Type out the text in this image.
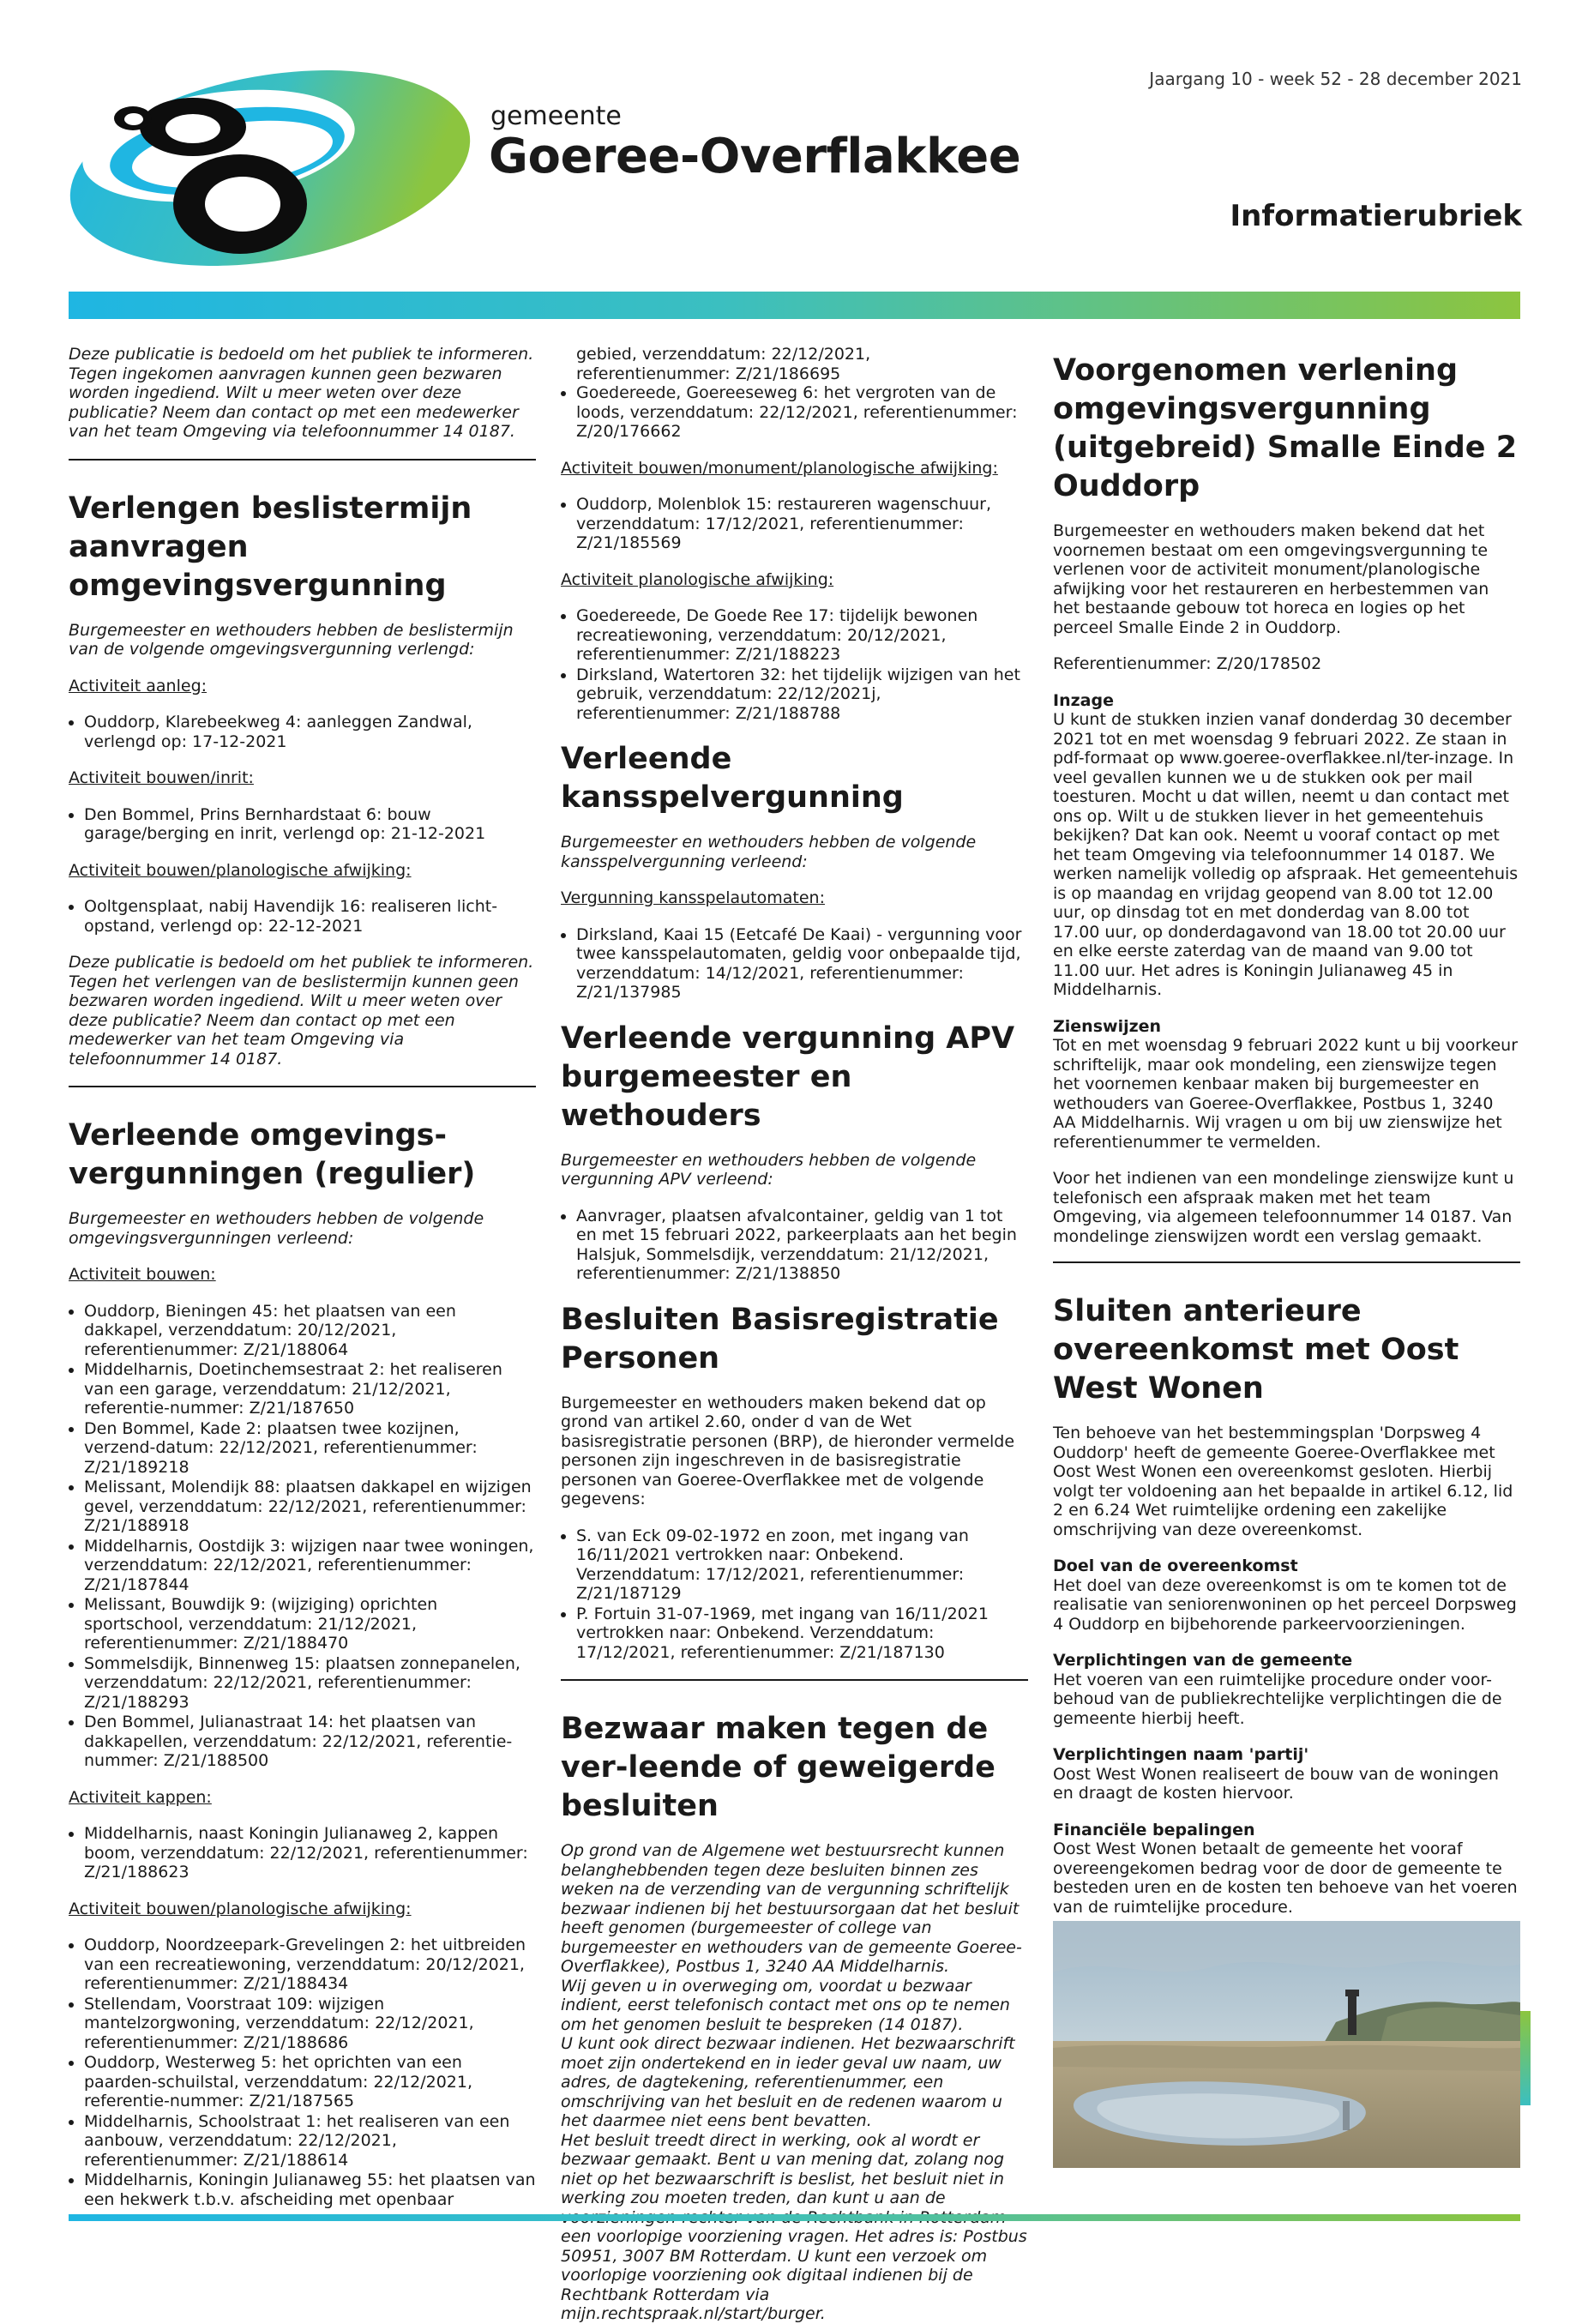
gemeente
Goeree-Overflakkee
Jaargang 10 - week 52 - 28 december 2021
Informatierubriek

Deze publicatie is bedoeld om het publiek te informeren. Tegen ingekomen aanvragen kunnen geen bezwaren worden ingediend. Wilt u meer weten over deze publicatie? Neem dan contact op met een medewerker van het team Omgeving via telefoonnummer 14 0187.

Verlengen beslistermijn aanvragen omgevingsvergunning

Burgemeester en wethouders hebben de beslistermijn van de volgende omgevingsvergunning verlengd:

Activiteit aanleg:
• Ouddorp, Klarebeekweg 4: aanleggen Zandwal, verlengd op: 17-12-2021
Activiteit bouwen/inrit:
• Den Bommel, Prins Bernhardstaat 6: bouw garage/berging en inrit, verlengd op: 21-12-2021
Activiteit bouwen/planologische afwijking:
• Ooltgensplaat, nabij Havendijk 16: realiseren licht-opstand, verlengd op: 22-12-2021

Deze publicatie is bedoeld om het publiek te informeren. Tegen het verlengen van de beslistermijn kunnen geen bezwaren worden ingediend. Wilt u meer weten over deze publicatie? Neem dan contact op met een medewerker van het team Omgeving via telefoonnummer 14 0187.

Verleende omgevings-vergunningen (regulier)

Burgemeester en wethouders hebben de volgende omgevingsvergunningen verleend:

Activiteit bouwen:
• Ouddorp, Bieningen 45: het plaatsen van een dakkapel, verzenddatum: 20/12/2021, referentienummer: Z/21/188064
• Middelharnis, Doetinchemsestraat 2: het realiseren van een garage, verzenddatum: 21/12/2021, referentie-nummer: Z/21/187650
• Den Bommel, Kade 2: plaatsen twee kozijnen, verzend-datum: 22/12/2021, referentienummer: Z/21/189218
• Melissant, Molendijk 88: plaatsen dakkapel en wijzigen gevel, verzenddatum: 22/12/2021, referentienummer: Z/21/188918
• Middelharnis, Oostdijk 3: wijzigen naar twee woningen, verzenddatum: 22/12/2021, referentienummer: Z/21/187844
• Melissant, Bouwdijk 9: (wijziging) oprichten sportschool, verzenddatum: 21/12/2021, referentienummer: Z/21/188470
• Sommelsdijk, Binnenweg 15: plaatsen zonnepanelen, verzenddatum: 22/12/2021, referentienummer: Z/21/188293
• Den Bommel, Julianastraat 14: het plaatsen van dakkapellen, verzenddatum: 22/12/2021, referentie-nummer: Z/21/188500
Activiteit kappen:
• Middelharnis, naast Koningin Julianaweg 2, kappen boom, verzenddatum: 22/12/2021, referentienummer: Z/21/188623
Activiteit bouwen/planologische afwijking:
• Ouddorp, Noordzeepark-Grevelingen 2: het uitbreiden van een recreatiewoning, verzenddatum: 20/12/2021, referentienummer: Z/21/188434
• Stellendam, Voorstraat 109: wijzigen mantelzorgwoning, verzenddatum: 22/12/2021, referentienummer: Z/21/188686
• Ouddorp, Westerweg 5: het oprichten van een paarden-schuilstal, verzenddatum: 22/12/2021, referentie-nummer: Z/21/187565
• Middelharnis, Schoolstraat 1: het realiseren van een aanbouw, verzenddatum: 22/12/2021, referentienummer: Z/21/188614
• Middelharnis, Koningin Julianaweg 55: het plaatsen van een hekwerk t.b.v. afscheiding met openbaar
gebied, verzenddatum: 22/12/2021, referentienummer: Z/21/186695
• Goedereede, Goereeseweg 6: het vergroten van de loods, verzenddatum: 22/12/2021, referentienummer: Z/20/176662
Activiteit bouwen/monument/planologische afwijking:
• Ouddorp, Molenblok 15: restaureren wagenschuur, verzenddatum: 17/12/2021, referentienummer: Z/21/185569
Activiteit planologische afwijking:
• Goedereede, De Goede Ree 17: tijdelijk bewonen recreatiewoning, verzenddatum: 20/12/2021, referentienummer: Z/21/188223
• Dirksland, Watertoren 32: het tijdelijk wijzigen van het gebruik, verzenddatum: 22/12/2021j, referentienummer: Z/21/188788
Verleende kansspelvergunning

Burgemeester en wethouders hebben de volgende kansspelvergunning verleend:

Vergunning kansspelautomaten:
• Dirksland, Kaai 15 (Eetcafé De Kaai) - vergunning voor twee kansspelautomaten, geldig voor onbepaalde tijd, verzenddatum: 14/12/2021, referentienummer: Z/21/137985
Verleende vergunning APV burgemeester en wethouders

Burgemeester en wethouders hebben de volgende vergunning APV verleend:

• Aanvrager, plaatsen afvalcontainer, geldig van 1 tot en met 15 februari 2022, parkeerplaats aan het begin Halsjuk, Sommelsdijk, verzenddatum: 21/12/2021, referentienummer: Z/21/138850
Besluiten Basisregistratie Personen

Burgemeester en wethouders maken bekend dat op grond van artikel 2.60, onder d van de Wet basisregistratie personen (BRP), de hieronder vermelde personen zijn ingeschreven in de basisregistratie personen van Goeree-Overflakkee met de volgende gegevens:

• S. van Eck 09-02-1972 en zoon, met ingang van 16/11/2021 vertrokken naar: Onbekend. Verzenddatum: 17/12/2021, referentienummer: Z/21/187129
• P. Fortuin 31-07-1969, met ingang van 16/11/2021 vertrokken naar: Onbekend. Verzenddatum: 17/12/2021, referentienummer: Z/21/187130
Bezwaar maken tegen de ver-leende of geweigerde besluiten
Op grond van de Algemene wet bestuursrecht kunnen belanghebbenden tegen deze besluiten binnen zes weken na de verzending van de vergunning schriftelijk bezwaar indienen bij het bestuursorgaan dat het besluit heeft genomen (burgemeester of college van burgemeester en wethouders van de gemeente Goeree-Overflakkee), Postbus 1, 3240 AA Middelharnis.
Wij geven u in overweging om, voordat u bezwaar indient, eerst telefonisch contact met ons op te nemen om het genomen besluit te bespreken (14 0187).
U kunt ook direct bezwaar indienen. Het bezwaarschrift moet zijn ondertekend en in ieder geval uw naam, uw adres, de dagtekening, referentienummer, een omschrijving van het besluit en de redenen waarom u het daarmee niet eens bent bevatten.
Het besluit treedt direct in werking, ook al wordt er bezwaar gemaakt. Bent u van mening dat, zolang nog niet op het bezwaarschrift is beslist, het besluit niet in werking zou moeten treden, dan kunt u aan de een voorlopige voorziening vragen. Het adres is: Postbus 50951, 3007 BM Rotterdam. U kunt een verzoek om voorlopige voorziening ook digitaal indienen bij de Rechtbank Rotterdam via mijn.rechtspraak.nl/start/burger.
Voorgenomen verlening omgevingsvergunning (uitgebreid) Smalle Einde 2 Ouddorp

Burgemeester en wethouders maken bekend dat het voornemen bestaat om een omgevingsvergunning te verlenen voor de activiteit monument/planologische afwijking voor het restaureren en herbestemmen van het bestaande gebouw tot horeca en logies op het perceel Smalle Einde 2 in Ouddorp.

Referentienummer: Z/20/178502

Inzage

U kunt de stukken inzien vanaf donderdag 30 december 2021 tot en met woensdag 9 februari 2022. Ze staan in pdf-formaat op www.goeree-overflakkee.nl/ter-inzage. In veel gevallen kunnen we u de stukken ook per mail toesturen. Mocht u dat willen, neemt u dan contact met ons op. Wilt u de stukken liever in het gemeentehuis bekijken? Dat kan ook. Neemt u vooraf contact op met het team Omgeving via telefoonnummer 14 0187. We werken namelijk volledig op afspraak. Het gemeentehuis is op maandag en vrijdag geopend van 8.00 tot 12.00 uur, op dinsdag tot en met donderdag van 8.00 tot 17.00 uur, op donderdagavond van 18.00 tot 20.00 uur en elke eerste zaterdag van de maand van 9.00 tot 11.00 uur. Het adres is Koningin Julianaweg 45 in Middelharnis.

Zienswijzen

Tot en met woensdag 9 februari 2022 kunt u bij voorkeur schriftelijk, maar ook mondeling, een zienswijze tegen het voornemen kenbaar maken bij burgemeester en wethouders van Goeree-Overflakkee, Postbus 1, 3240 AA Middelharnis. Wij vragen u om bij uw zienswijze het referentienummer te vermelden.

Voor het indienen van een mondelinge zienswijze kunt u telefonisch een afspraak maken met het team Omgeving, via algemeen telefoonnummer 14 0187. Van mondelinge zienswijzen wordt een verslag gemaakt.

Sluiten anterieure overeenkomst met Oost West Wonen

Ten behoeve van het bestemmingsplan 'Dorpsweg 4 Ouddorp' heeft de gemeente Goeree-Overflakkee met Oost West Wonen een overeenkomst gesloten. Hierbij volgt ter voldoening aan het bepaalde in artikel 6.12, lid 2 en 6.24 Wet ruimtelijke ordening een zakelijke omschrijving van deze overeenkomst.

Doel van de overeenkomst

Het doel van deze overeenkomst is om te komen tot de realisatie van seniorenwoninen op het perceel Dorpsweg 4 Ouddorp en bijbehorende parkeervoorzieningen.

Verplichtingen van de gemeente

Het voeren van een ruimtelijke procedure onder voor-behoud van de publiekrechtelijke verplichtingen die de gemeente hierbij heeft.

Verplichtingen naam 'partij'

Oost West Wonen realiseert de bouw van de woningen en draagt de kosten hiervoor.

Financiële bepalingen

Oost West Wonen betaalt de gemeente het vooraf overeengekomen bedrag voor de door de gemeente te besteden uren en de kosten ten behoeve van het voeren van de ruimtelijke procedure.
